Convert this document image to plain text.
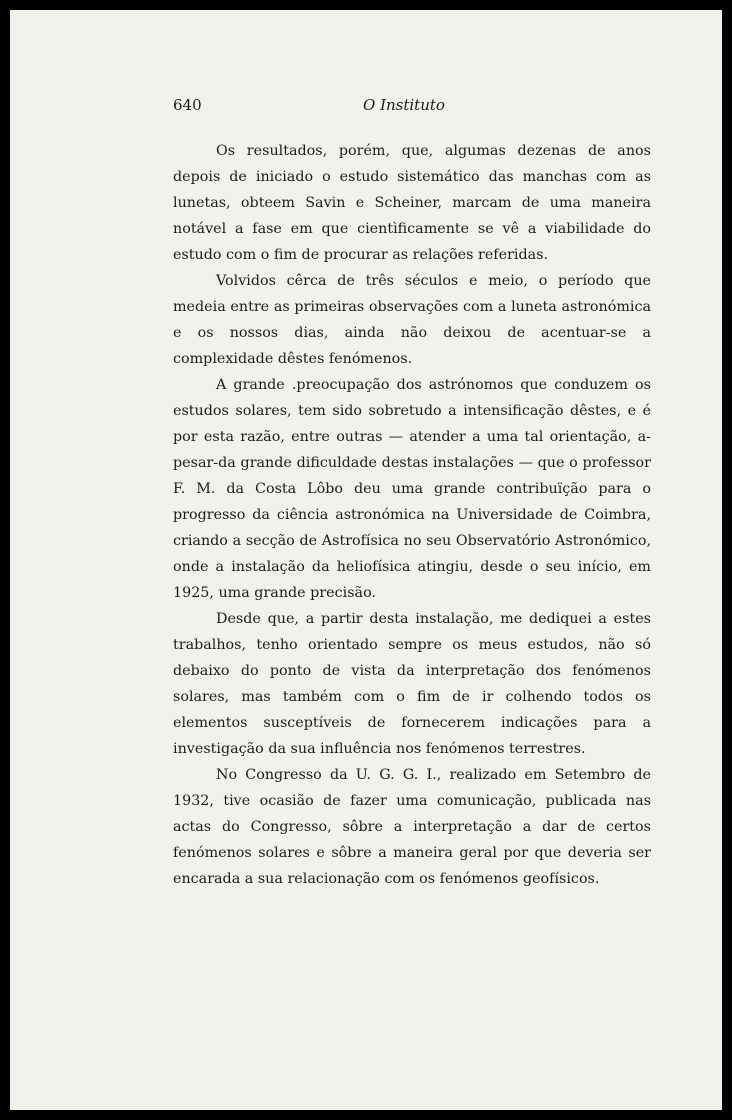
640	O Instituto

Os resultados, porém, que, algumas dezenas de anos depois de iniciado o estudo sistemático das manchas com as lunetas, obteem Savin e Scheiner, marcam de uma maneira notável a fase em que cientìficamente se vê a viabilidade do estudo com o fim de procurar as relações referidas.

Volvidos cêrca de três séculos e meio, o período que medeia entre as primeiras observações com a luneta astronómica e os nossos dias, ainda não deixou de acentuar-se a complexidade dêstes fenómenos.

A grande .preocupação dos astrónomos que conduzem os estudos solares, tem sido sobretudo a intensificação dêstes, e é por esta razão, entre outras — atender a uma tal orientação, a-pesar-da grande dificuldade destas instalações — que o professor F. M. da Costa Lôbo deu uma grande contribuïção para o progresso da ciência astronómica na Universidade de Coimbra, criando a secção de Astrofísica no seu Observatório Astronómico, onde a instalação da heliofísica atingiu, desde o seu início, em 1925, uma grande precisão.

Desde que, a partir desta instalação, me dediquei a estes trabalhos, tenho orientado sempre os meus estudos, não só debaixo do ponto de vista da interpretação dos fenómenos solares, mas também com o fim de ir colhendo todos os elementos susceptíveis de fornecerem indicações para a investigação da sua influência nos fenómenos terrestres.

No Congresso da U. G. G. I., realizado em Setembro de 1932, tive ocasião de fazer uma comunicação, publicada nas actas do Congresso, sôbre a interpretação a dar de certos fenómenos solares e sôbre a maneira geral por que deveria ser encarada a sua relacionação com os fenómenos geofísicos.
